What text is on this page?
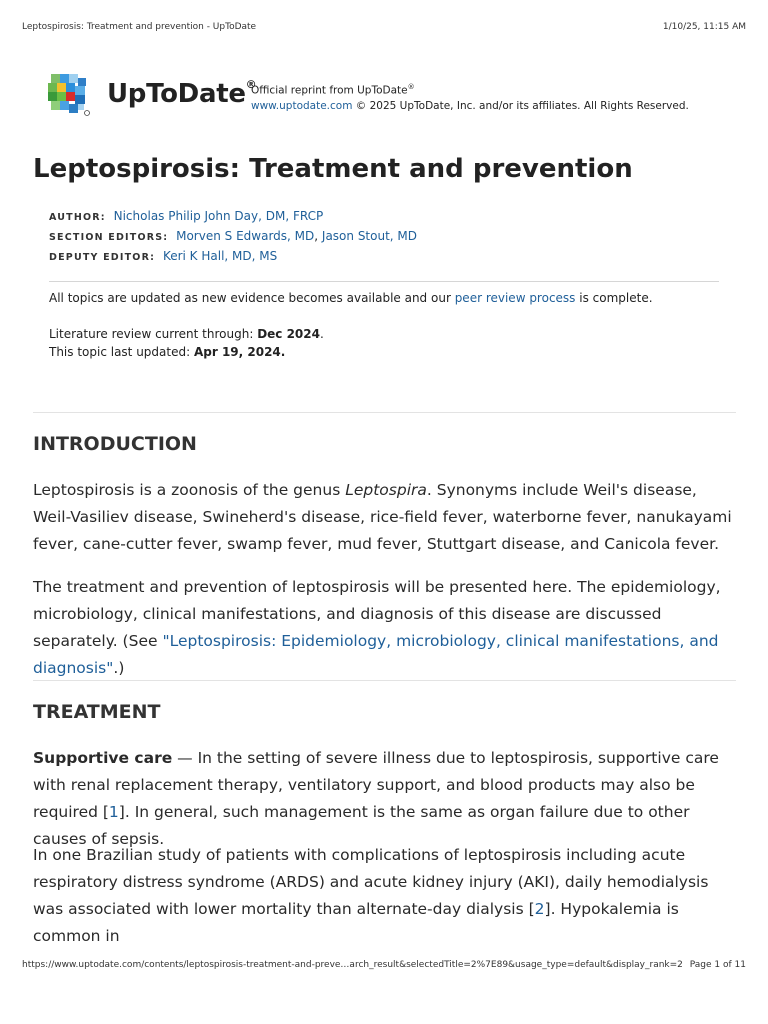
Leptospirosis: Treatment and prevention - UpToDate	1/10/25, 11:15 AM
UpToDate®
Official reprint from UpToDate®
www.uptodate.com © 2025 UpToDate, Inc. and/or its affiliates. All Rights Reserved.
Leptospirosis: Treatment and prevention
AUTHOR: Nicholas Philip John Day, DM, FRCP
SECTION EDITORS: Morven S Edwards, MD, Jason Stout, MD
DEPUTY EDITOR: Keri K Hall, MD, MS
All topics are updated as new evidence becomes available and our peer review process is complete.
Literature review current through: Dec 2024.
This topic last updated: Apr 19, 2024.
INTRODUCTION

Leptospirosis is a zoonosis of the genus Leptospira. Synonyms include Weil's disease, Weil-Vasiliev disease, Swineherd's disease, rice-field fever, waterborne fever, nanukayami fever, cane-cutter fever, swamp fever, mud fever, Stuttgart disease, and Canicola fever.

The treatment and prevention of leptospirosis will be presented here. The epidemiology, microbiology, clinical manifestations, and diagnosis of this disease are discussed separately. (See "Leptospirosis: Epidemiology, microbiology, clinical manifestations, and diagnosis".)

TREATMENT

Supportive care — In the setting of severe illness due to leptospirosis, supportive care with renal replacement therapy, ventilatory support, and blood products may also be required [1]. In general, such management is the same as organ failure due to other causes of sepsis.

In one Brazilian study of patients with complications of leptospirosis including acute respiratory distress syndrome (ARDS) and acute kidney injury (AKI), daily hemodialysis was associated with lower mortality than alternate-day dialysis [2]. Hypokalemia is common in

https://www.uptodate.com/contents/leptospirosis-treatment-and-preve…arch_result&selectedTitle=2%7E89&usage_type=default&display_rank=2 Page 1 of 11
